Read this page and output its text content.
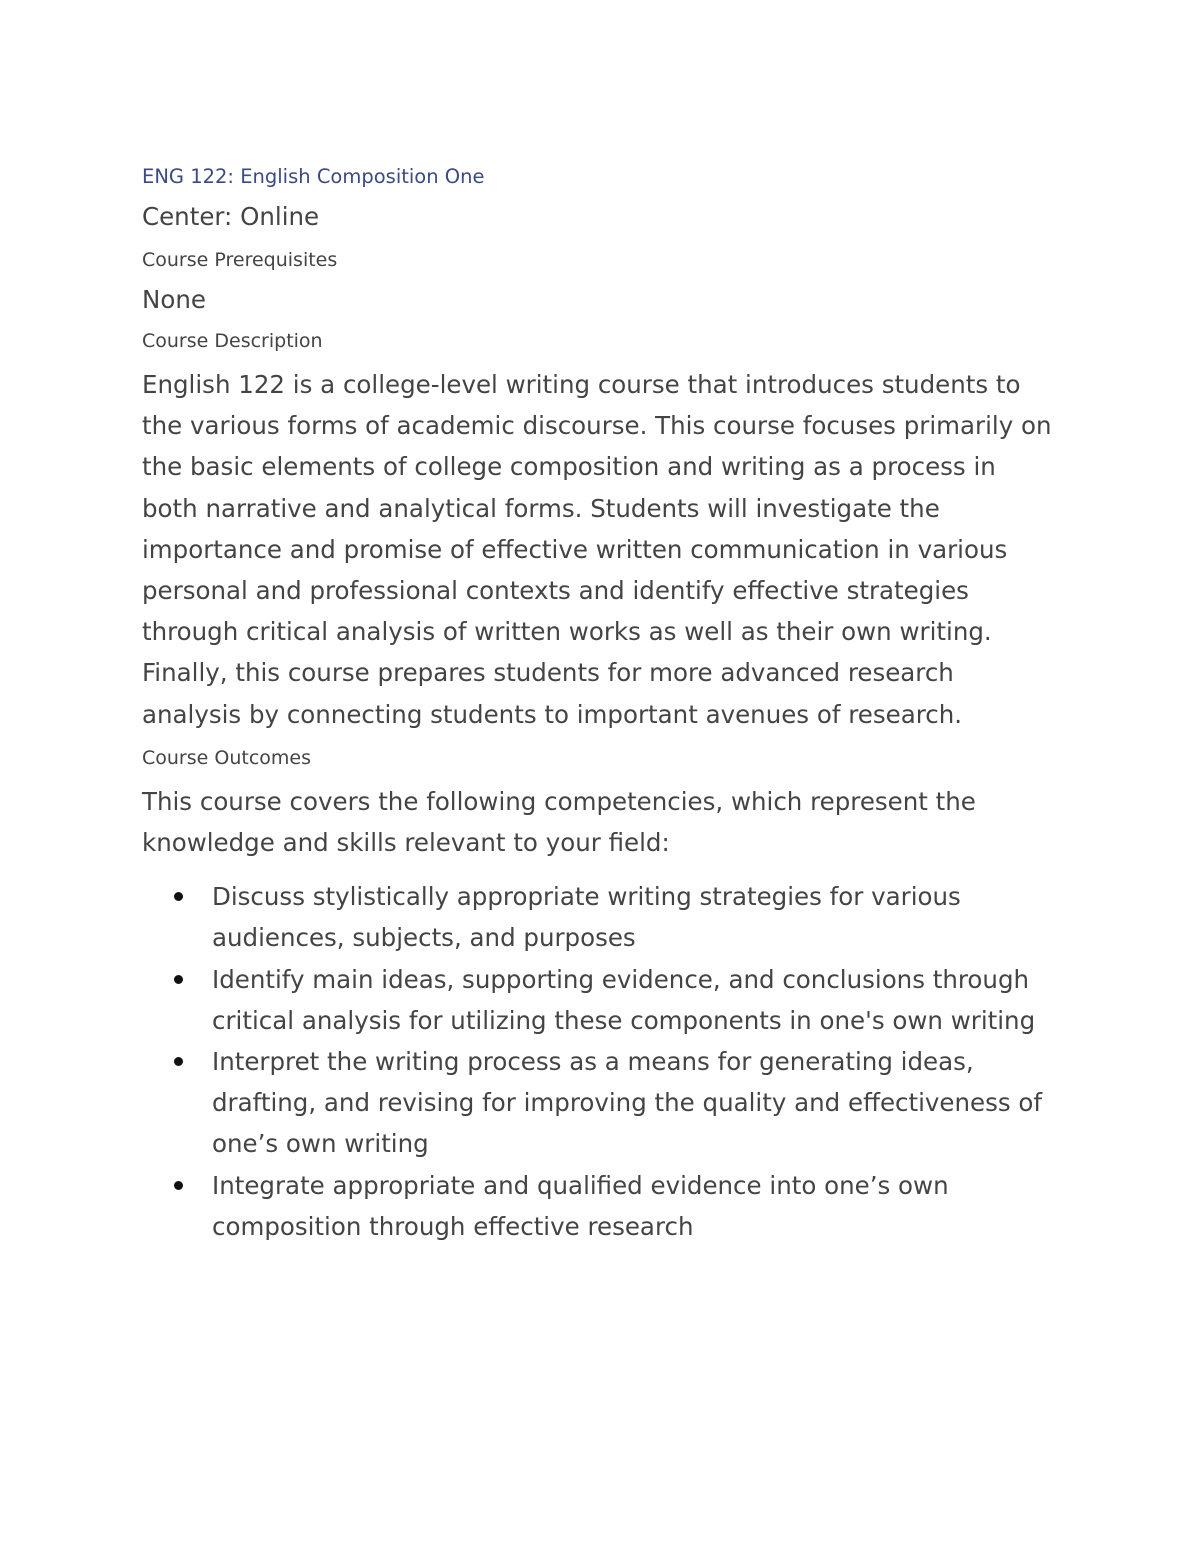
ENG 122: English Composition One
Center: Online
Course Prerequisites
None
Course Description
English 122 is a college-level writing course that introduces students to the various forms of academic discourse. This course focuses primarily on the basic elements of college composition and writing as a process in both narrative and analytical forms. Students will investigate the importance and promise of effective written communication in various personal and professional contexts and identify effective strategies through critical analysis of written works as well as their own writing. Finally, this course prepares students for more advanced research analysis by connecting students to important avenues of research.
Course Outcomes
This course covers the following competencies, which represent the knowledge and skills relevant to your field:
Discuss stylistically appropriate writing strategies for various audiences, subjects, and purposes
Identify main ideas, supporting evidence, and conclusions through critical analysis for utilizing these components in one's own writing
Interpret the writing process as a means for generating ideas, drafting, and revising for improving the quality and effectiveness of one’s own writing
Integrate appropriate and qualified evidence into one’s own composition through effective research
